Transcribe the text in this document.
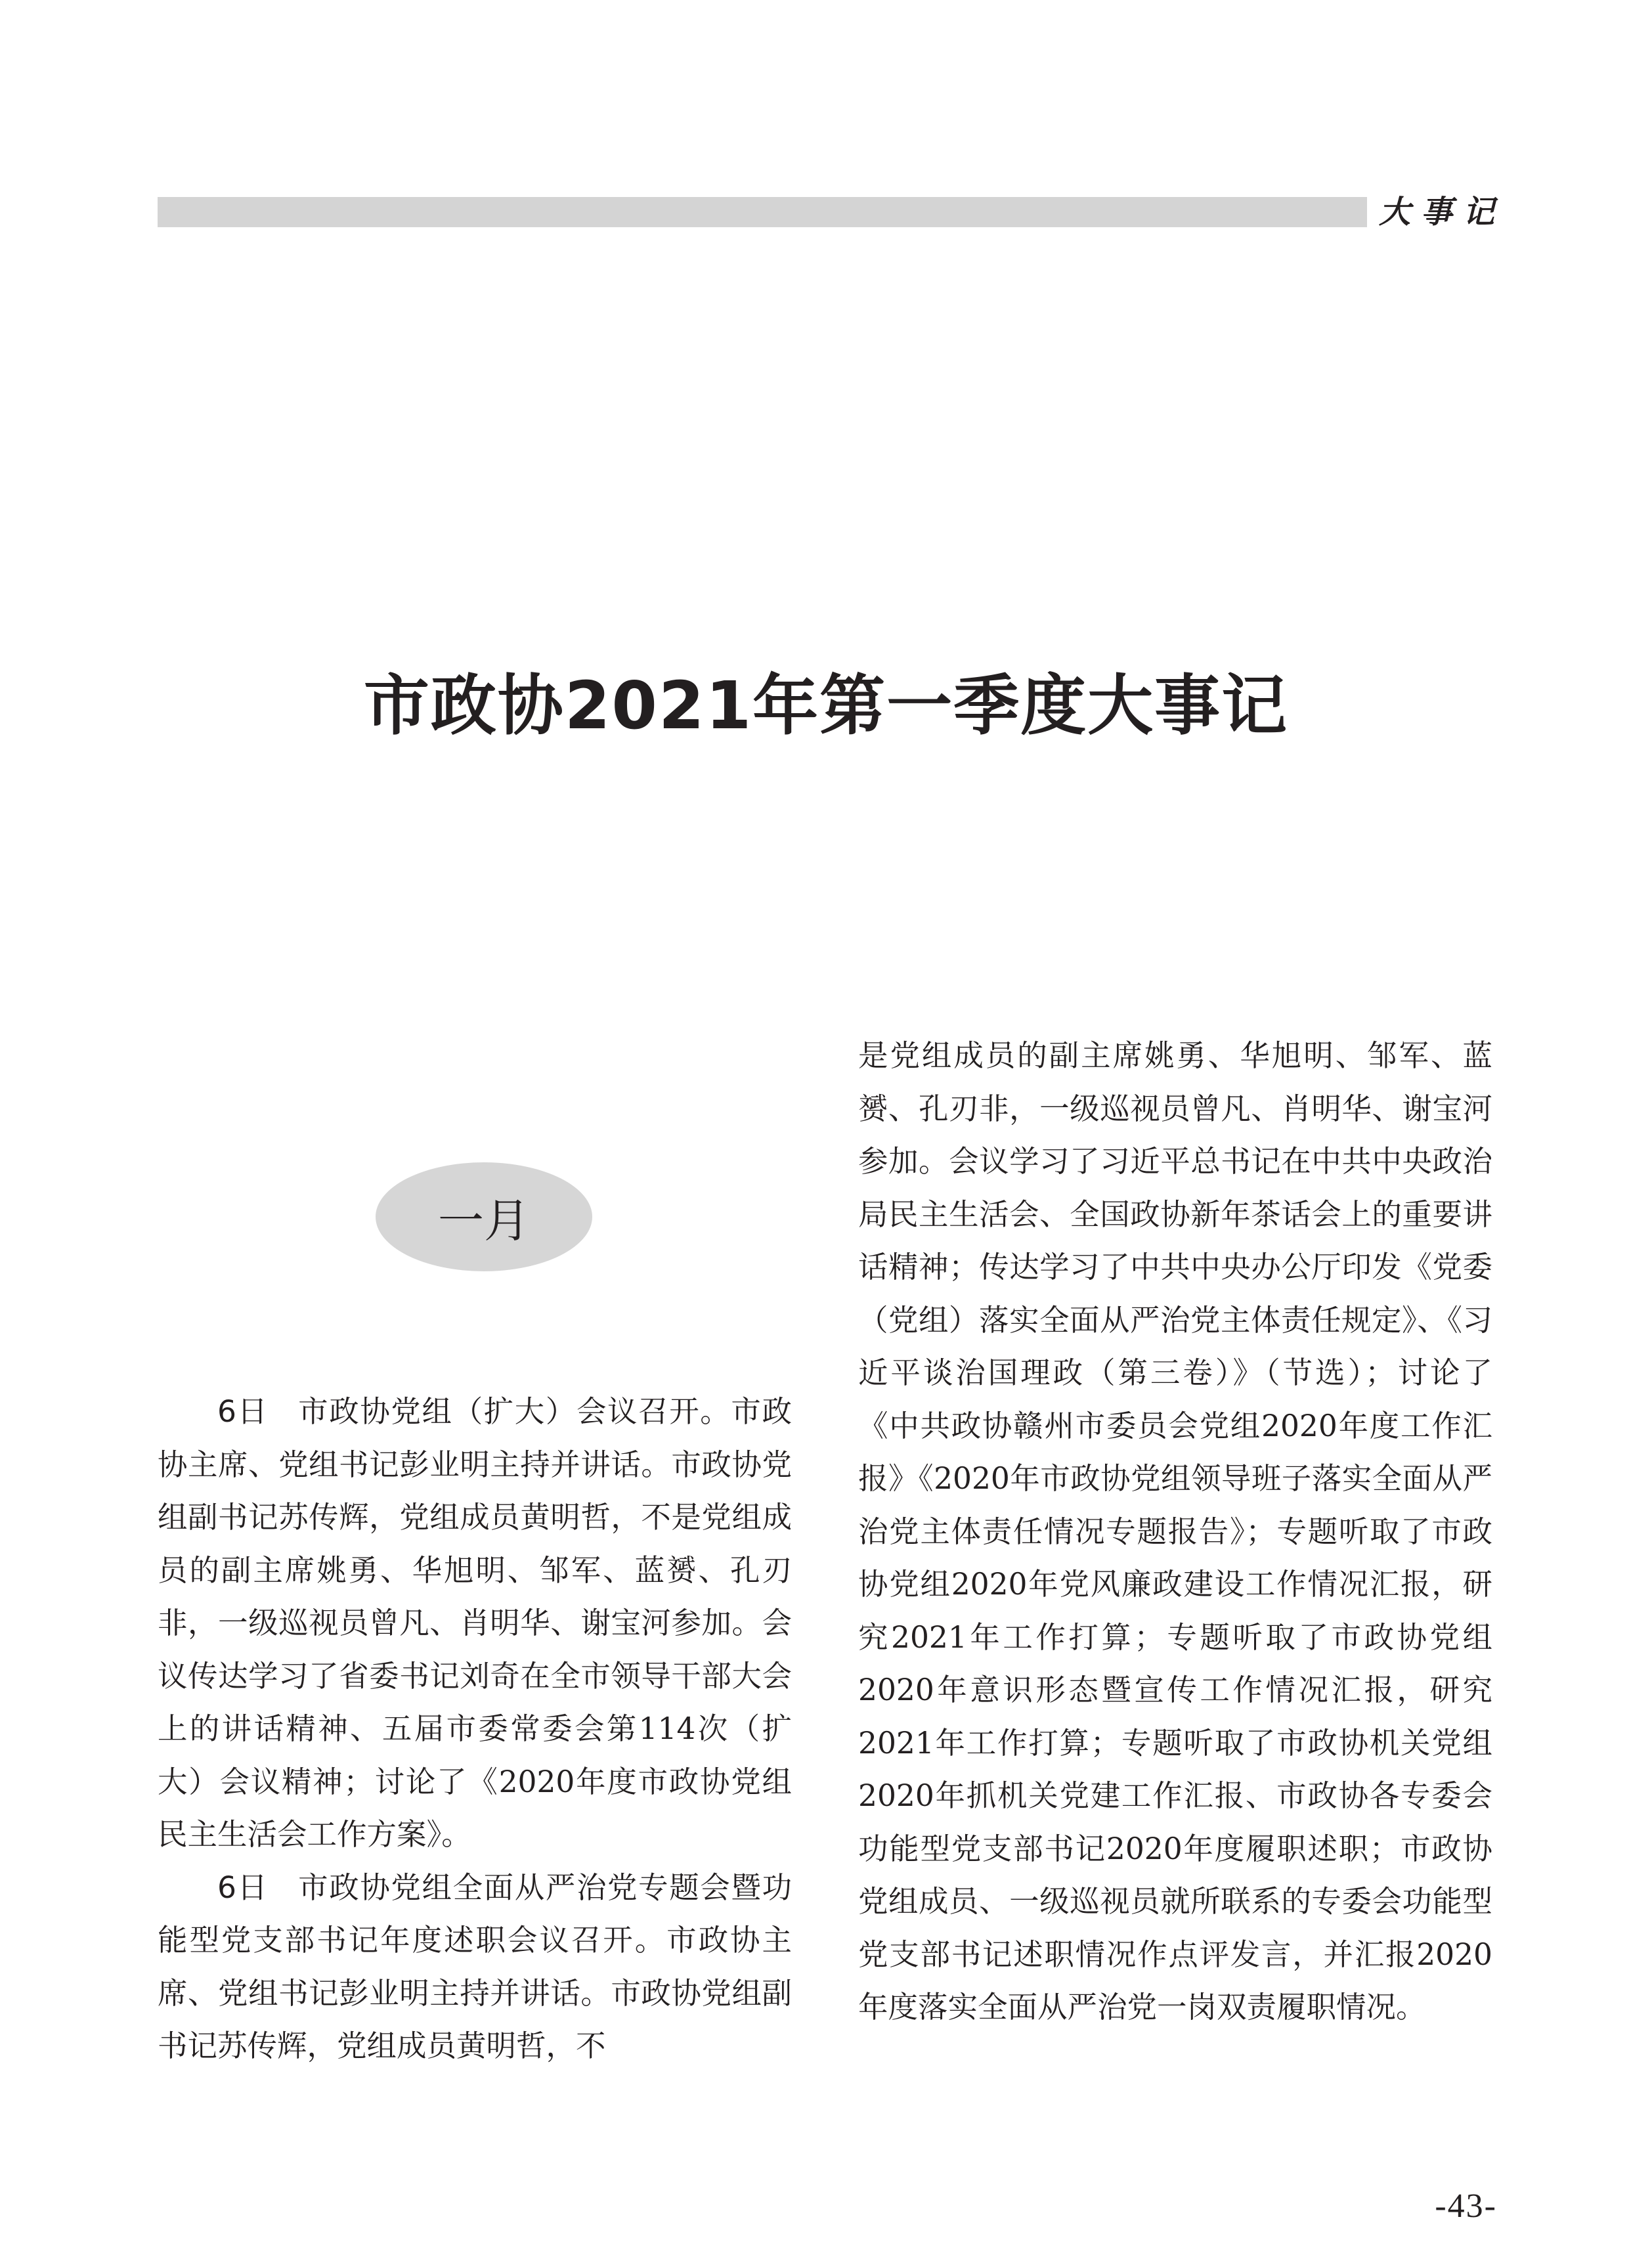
大事记
市政协2021年第一季度大事记
一月

6日 市政协党组（扩大）会议召开。市政协主席、党组书记彭业明主持并讲话。市政协党组副书记苏传辉，党组成员黄明哲，不是党组成员的副主席姚勇、华旭明、邹军、蓝赟、孔刃非，一级巡视员曾凡、肖明华、谢宝河参加。会议传达学习了省委书记刘奇在全市领导干部大会上的讲话精神、五届市委常委会第114次（扩大）会议精神；讨论了《2020年度市政协党组民主生活会工作方案》。

6日 市政协党组全面从严治党专题会暨功能型党支部书记年度述职会议召开。市政协主席、党组书记彭业明主持并讲话。市政协党组副书记苏传辉，党组成员黄明哲，不

是党组成员的副主席姚勇、华旭明、邹军、蓝赟、孔刃非，一级巡视员曾凡、肖明华、谢宝河参加。会议学习了习近平总书记在中共中央政治局民主生活会、全国政协新年茶话会上的重要讲话精神；传达学习了中共中央办公厅印发《党委（党组）落实全面从严治党主体责任规定》、《习近平谈治国理政（第三卷）》（节选）；讨论了《中共政协赣州市委员会党组2020年度工作汇报》《2020年市政协党组领导班子落实全面从严治党主体责任情况专题报告》；专题听取了市政协党组2020年党风廉政建设工作情况汇报，研究2021年工作打算；专题听取了市政协党组2020年意识形态暨宣传工作情况汇报，研究2021年工作打算；专题听取了市政协机关党组2020年抓机关党建工作汇报、市政协各专委会功能型党支部书记2020年度履职述职；市政协党组成员、一级巡视员就所联系的专委会功能型党支部书记述职情况作点评发言，并汇报2020年度落实全面从严治党一岗双责履职情况。

-43-
